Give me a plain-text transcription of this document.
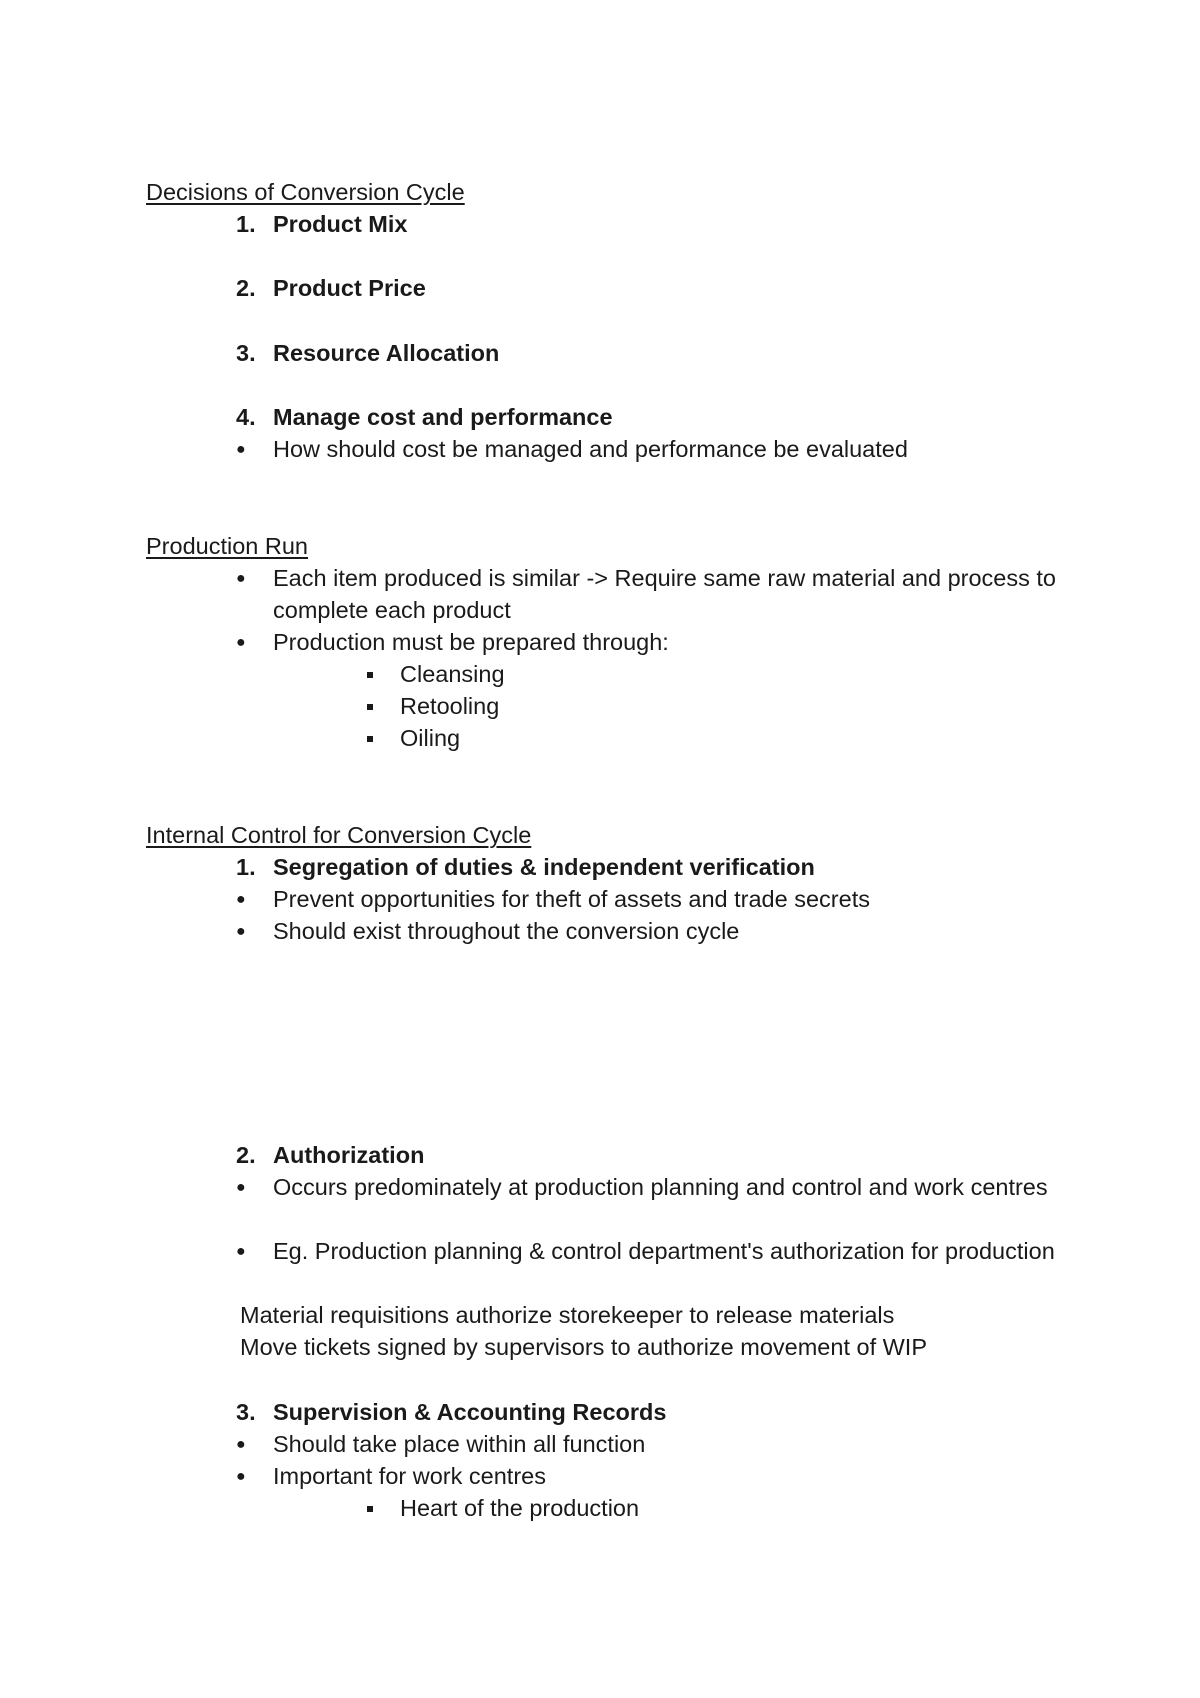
Decisions of Conversion Cycle
1. Product Mix
2. Product Price
3. Resource Allocation
4. Manage cost and performance
● How should cost be managed and performance be evaluated
Production Run
● Each item produced is similar -> Require same raw material and process to complete each product
● Production must be prepared through:
Cleansing
Retooling
Oiling
Internal Control for Conversion Cycle
1. Segregation of duties & independent verification
● Prevent opportunities for theft of assets and trade secrets
● Should exist throughout the conversion cycle
2. Authorization
● Occurs predominately at production planning and control and work centres
● Eg. Production planning & control department's authorization for production
Material requisitions authorize storekeeper to release materials
Move tickets signed by supervisors to authorize movement of WIP
3. Supervision & Accounting Records
● Should take place within all function
● Important for work centres
Heart of the production
